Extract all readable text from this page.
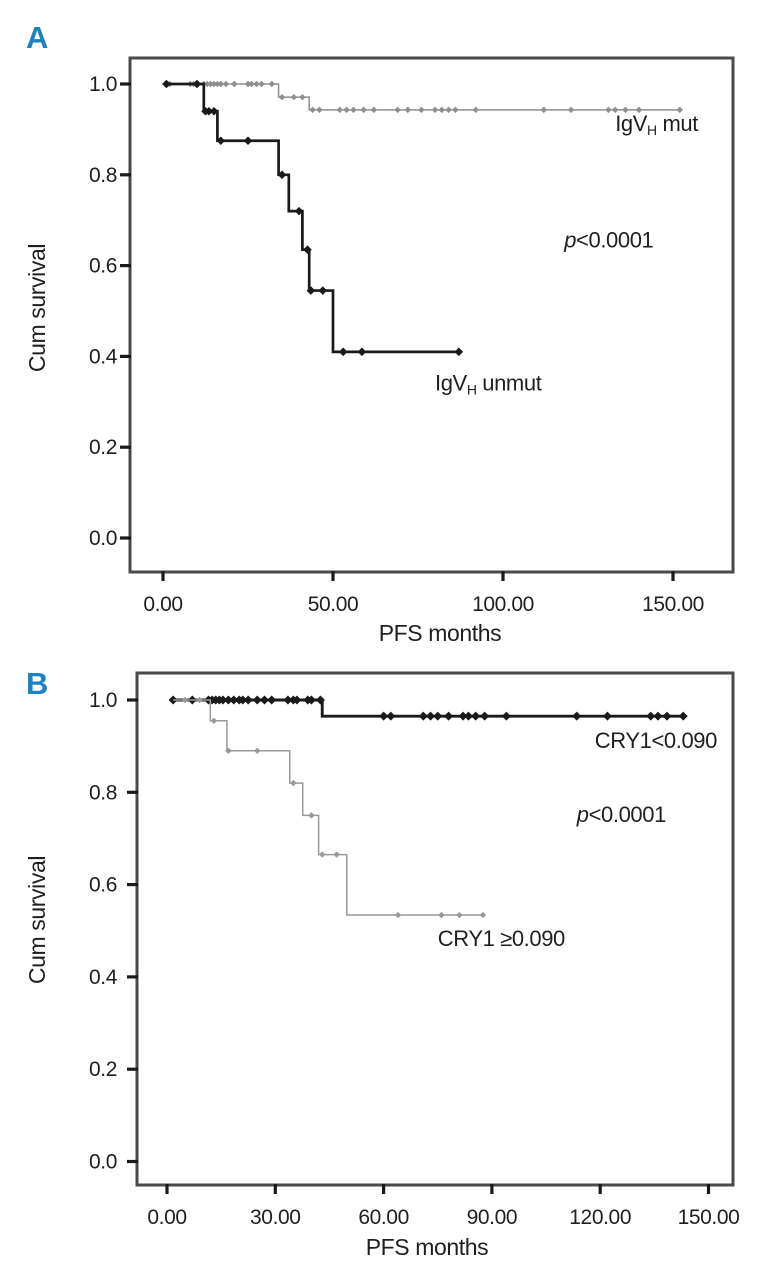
A
B
0.0
0.2
0.4
0.6
0.8
1.0
0.00	50.00	100.00	150.00
PFS months
Cum survival
IgVH mut
IgVH unmut
p<0.0001
0.0
0.2
0.4
0.6
0.8
1.0
0.00	30.00	60.00	90.00 120.00 150.00
PFS months
Cum survival
CRY1<0.090
CRY1 ≥0.090
p<0.0001
